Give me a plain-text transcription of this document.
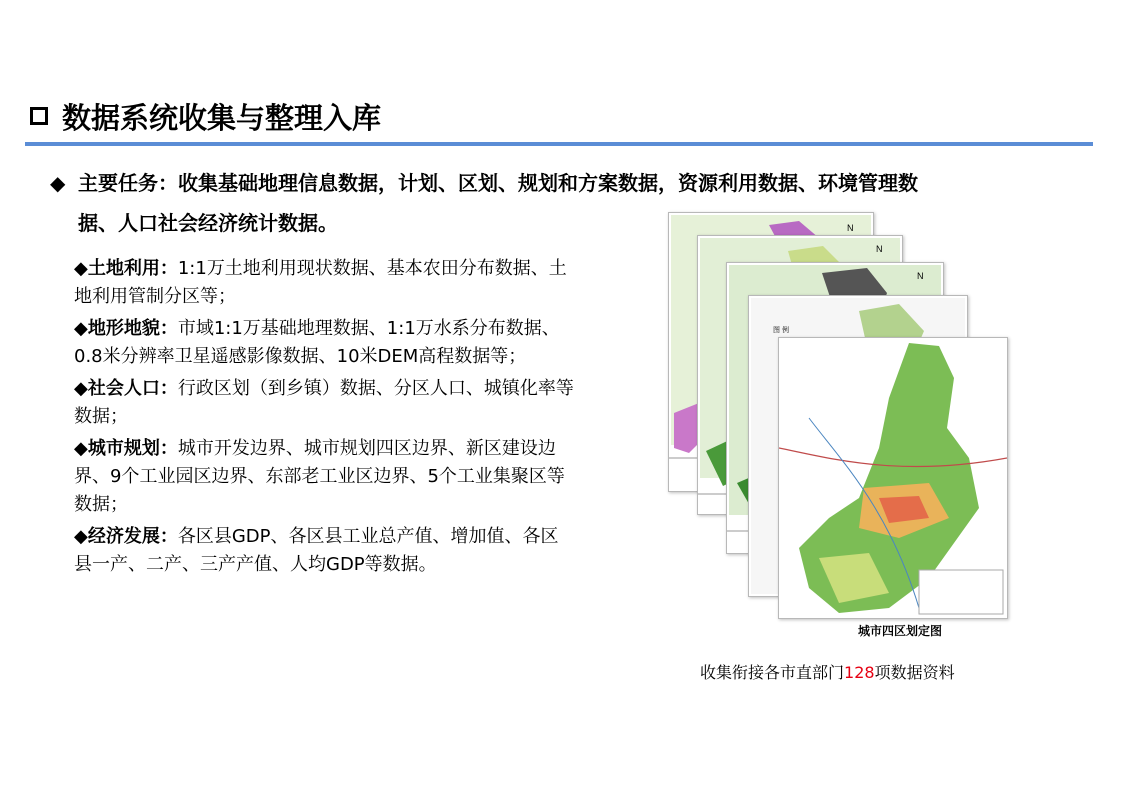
数据系统收集与整理入库
◆ 主要任务：收集基础地理信息数据，计划、区划、规划和方案数据，资源利用数据、环境管理数
据、人口社会经济统计数据。
◆土地利用：1:1万土地利用现状数据、基本农田分布数据、土地利用管制分区等；
◆地形地貌：市域1:1万基础地理数据、1:1万水系分布数据、0.8米分辨率卫星遥感影像数据、10米DEM高程数据等；
◆社会人口：行政区划（到乡镇）数据、分区人口、城镇化率等数据；
◆城市规划：城市开发边界、城市规划四区边界、新区建设边界、9个工业园区边界、东部老工业区边界、5个工业集聚区等数据；
◆经济发展：各区县GDP、各区县工业总产值、增加值、各区县一产、二产、三产产值、人均GDP等数据。
N
N
N
图 例
城市四区划定图
收集衔接各市直部门128项数据资料
